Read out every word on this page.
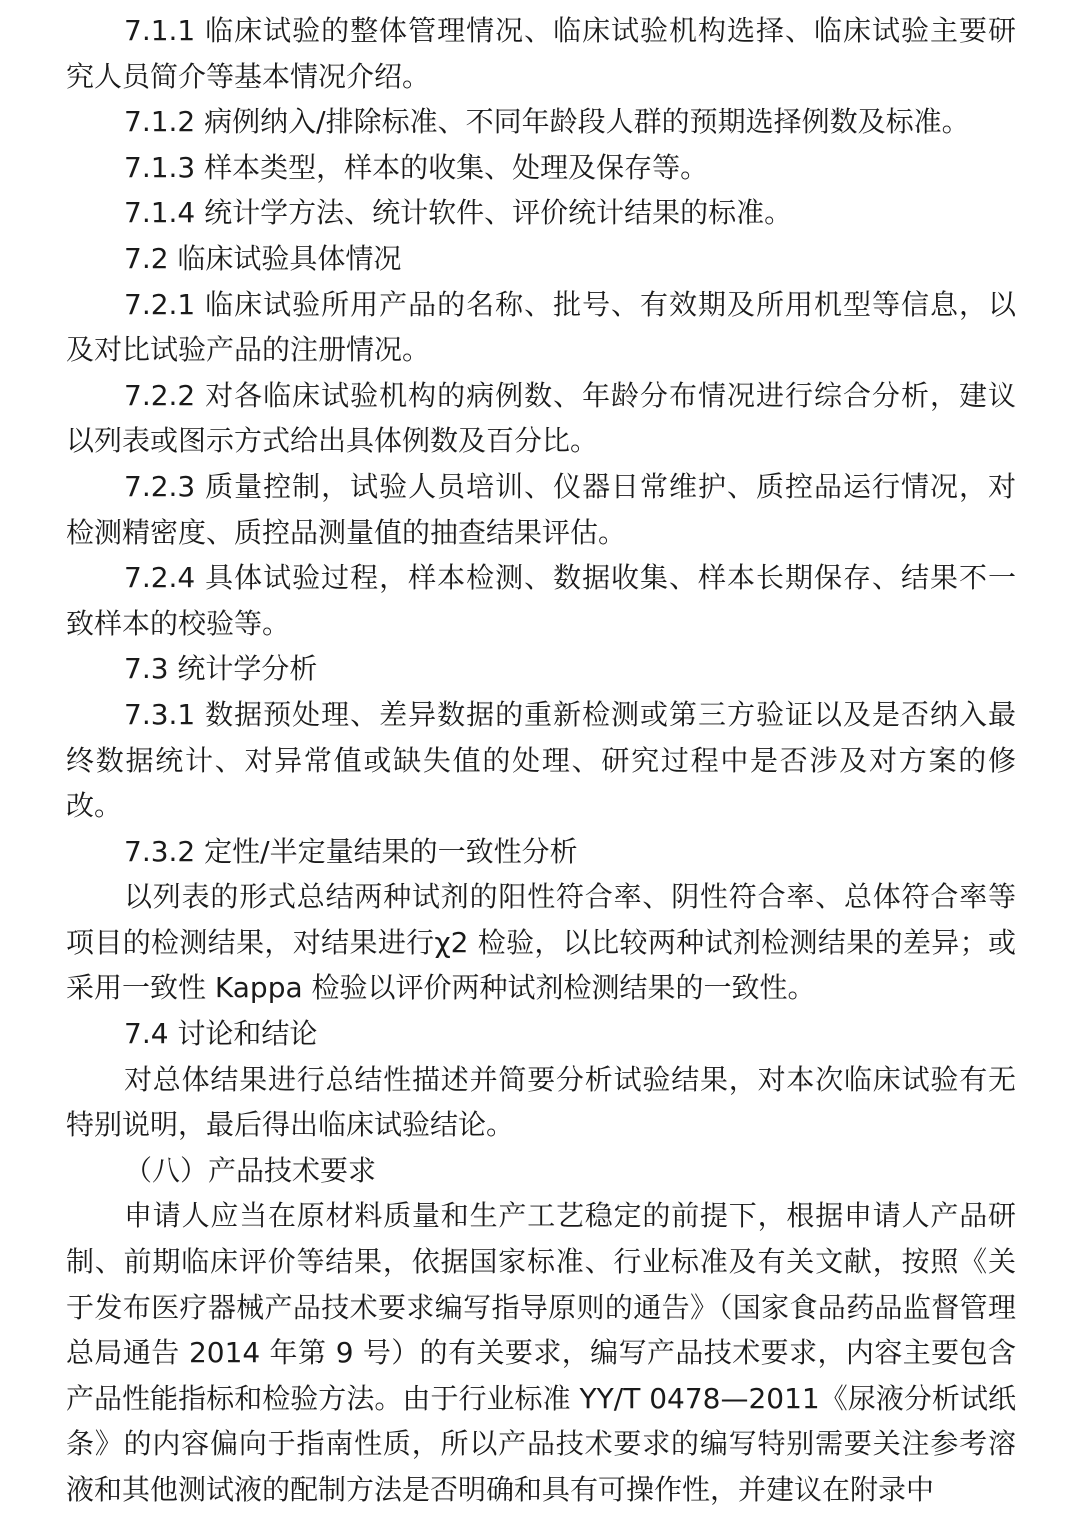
7.1.1 临床试验的整体管理情况、临床试验机构选择、临床试验主要研究人员简介等基本情况介绍。

7.1.2 病例纳入/排除标准、不同年龄段人群的预期选择例数及标准。

7.1.3 样本类型，样本的收集、处理及保存等。

7.1.4 统计学方法、统计软件、评价统计结果的标准。

7.2 临床试验具体情况

7.2.1 临床试验所用产品的名称、批号、有效期及所用机型等信息，以及对比试验产品的注册情况。

7.2.2 对各临床试验机构的病例数、年龄分布情况进行综合分析，建议以列表或图示方式给出具体例数及百分比。

7.2.3 质量控制，试验人员培训、仪器日常维护、质控品运行情况，对检测精密度、质控品测量值的抽查结果评估。

7.2.4 具体试验过程，样本检测、数据收集、样本长期保存、结果不一致样本的校验等。

7.3 统计学分析

7.3.1 数据预处理、差异数据的重新检测或第三方验证以及是否纳入最终数据统计、对异常值或缺失值的处理、研究过程中是否涉及对方案的修改。

7.3.2 定性/半定量结果的一致性分析

以列表的形式总结两种试剂的阳性符合率、阴性符合率、总体符合率等项目的检测结果，对结果进行χ2 检验，以比较两种试剂检测结果的差异；或采用一致性 Kappa 检验以评价两种试剂检测结果的一致性。

7.4 讨论和结论

对总体结果进行总结性描述并简要分析试验结果，对本次临床试验有无特别说明，最后得出临床试验结论。

（八）产品技术要求

申请人应当在原材料质量和生产工艺稳定的前提下，根据申请人产品研制、前期临床评价等结果，依据国家标准、行业标准及有关文献，按照《关于发布医疗器械产品技术要求编写指导原则的通告》（国家食品药品监督管理总局通告 2014 年第 9 号）的有关要求，编写产品技术要求，内容主要包含产品性能指标和检验方法。由于行业标准 YY/T 0478—2011《尿液分析试纸条》的内容偏向于指南性质，所以产品技术要求的编写特别需要关注参考溶液和其他测试液的配制方法是否明确和具有可操作性，并建议在附录中
